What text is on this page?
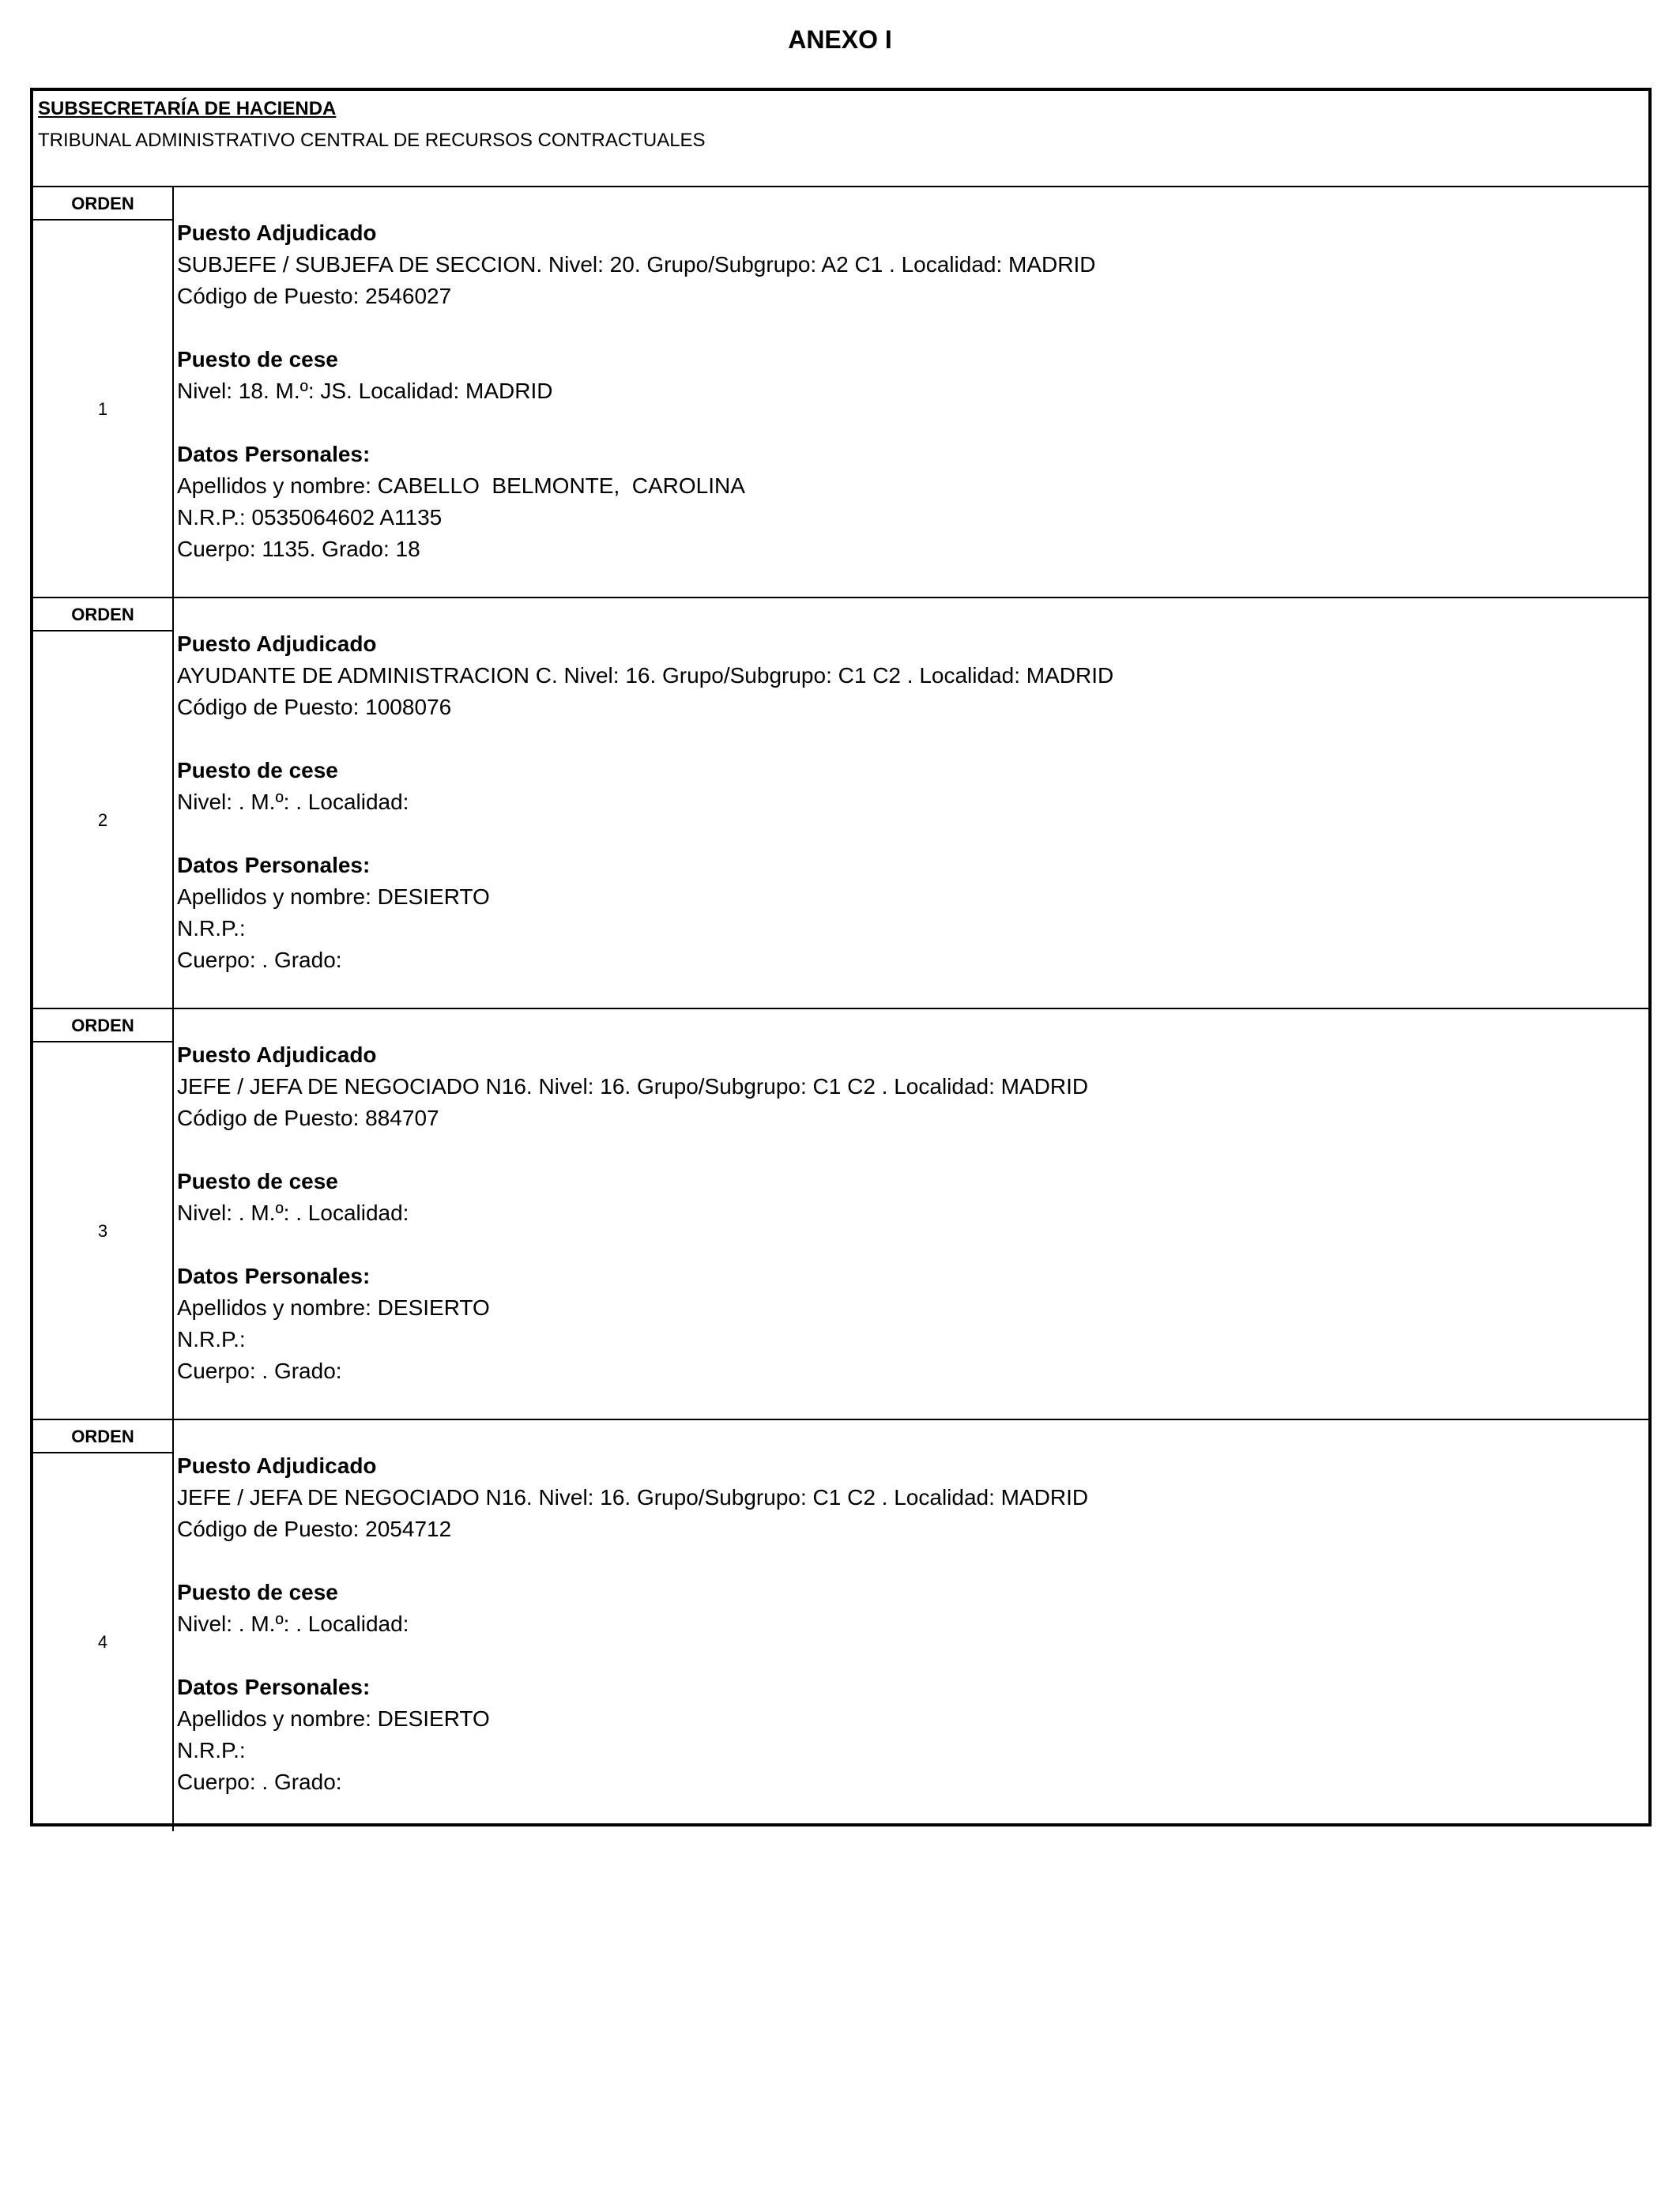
ANEXO I
SUBSECRETARÍA DE HACIENDA
TRIBUNAL ADMINISTRATIVO CENTRAL DE RECURSOS CONTRACTUALES
ORDEN
1
Puesto Adjudicado
SUBJEFE / SUBJEFA DE SECCION. Nivel: 20. Grupo/Subgrupo: A2 C1 . Localidad: MADRID
Código de Puesto: 2546027
Puesto de cese
Nivel: 18. M.º: JS. Localidad: MADRID
Datos Personales:
Apellidos y nombre: CABELLO  BELMONTE,  CAROLINA
N.R.P.: 0535064602 A1135
Cuerpo: 1135. Grado: 18
ORDEN
2
Puesto Adjudicado
AYUDANTE DE ADMINISTRACION C. Nivel: 16. Grupo/Subgrupo: C1 C2 . Localidad: MADRID
Código de Puesto: 1008076
Puesto de cese
Nivel: . M.º: . Localidad:
Datos Personales:
Apellidos y nombre: DESIERTO
N.R.P.:
Cuerpo: . Grado:
ORDEN
3
Puesto Adjudicado
JEFE / JEFA DE NEGOCIADO N16. Nivel: 16. Grupo/Subgrupo: C1 C2 . Localidad: MADRID
Código de Puesto: 884707
Puesto de cese
Nivel: . M.º: . Localidad:
Datos Personales:
Apellidos y nombre: DESIERTO
N.R.P.:
Cuerpo: . Grado:
ORDEN
4
Puesto Adjudicado
JEFE / JEFA DE NEGOCIADO N16. Nivel: 16. Grupo/Subgrupo: C1 C2 . Localidad: MADRID
Código de Puesto: 2054712
Puesto de cese
Nivel: . M.º: . Localidad:
Datos Personales:
Apellidos y nombre: DESIERTO
N.R.P.:
Cuerpo: . Grado:
